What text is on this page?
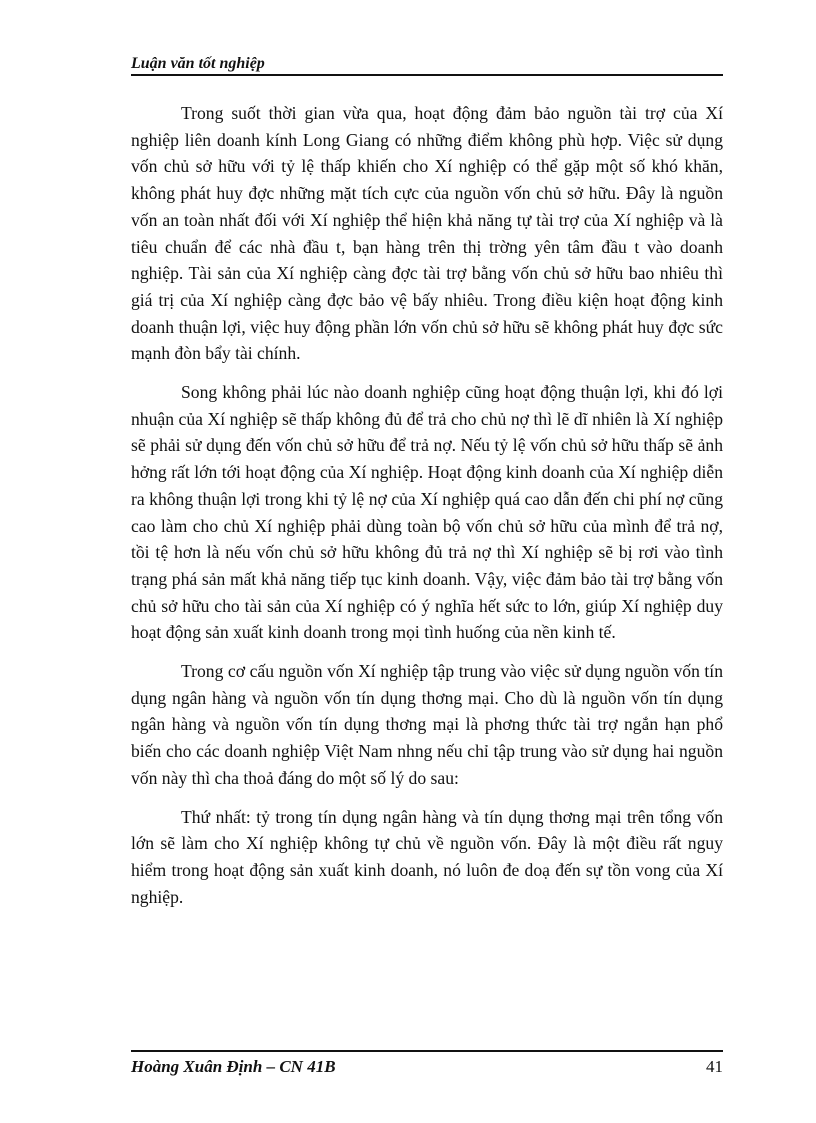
Luận văn tốt nghiệp

Trong suốt thời gian vừa qua, hoạt động đảm bảo nguồn tài trợ của Xí nghiệp liên doanh kính Long Giang có những điểm không phù hợp. Việc sử dụng vốn chủ sở hữu với tỷ lệ thấp khiến cho Xí nghiệp có thể gặp một số khó khăn, không phát huy đợc những mặt tích cực của nguồn vốn chủ sở hữu. Đây là nguồn vốn an toàn nhất đối với Xí nghiệp thể hiện khả năng tự tài trợ của Xí nghiệp và là tiêu chuẩn để các nhà đầu t, bạn hàng trên thị trờng yên tâm đầu t vào doanh nghiệp. Tài sản của Xí nghiệp càng đợc tài trợ bằng vốn chủ sở hữu bao nhiêu thì giá trị của Xí nghiệp càng đợc bảo vệ bấy nhiêu. Trong điều kiện hoạt động kinh doanh thuận lợi, việc huy động phần lớn vốn chủ sở hữu sẽ không phát huy đợc sức mạnh đòn bẩy tài chính.

Song không phải lúc nào doanh nghiệp cũng hoạt động thuận lợi, khi đó lợi nhuận của Xí nghiệp sẽ thấp không đủ để trả cho chủ nợ thì lẽ dĩ nhiên là Xí nghiệp sẽ phải sử dụng đến vốn chủ sở hữu để trả nợ. Nếu tỷ lệ vốn chủ sở hữu thấp sẽ ảnh hởng rất lớn tới hoạt động của Xí nghiệp. Hoạt động kinh doanh của Xí nghiệp diễn ra không thuận lợi trong khi tỷ lệ nợ của Xí nghiệp quá cao dẫn đến chi phí nợ cũng cao làm cho chủ Xí nghiệp phải dùng toàn bộ vốn chủ sở hữu của mình để trả nợ, tồi tệ hơn là nếu vốn chủ sở hữu không đủ trả nợ thì Xí nghiệp sẽ bị rơi vào tình trạng phá sản mất khả năng tiếp tục kinh doanh. Vậy, việc đảm bảo tài trợ bằng vốn chủ sở hữu cho tài sản của Xí nghiệp có ý nghĩa hết sức to lớn, giúp Xí nghiệp duy hoạt động sản xuất kinh doanh trong mọi tình huống của nền kinh tế.

Trong cơ cấu nguồn vốn Xí nghiệp tập trung vào việc sử dụng nguồn vốn tín dụng ngân hàng và nguồn vốn tín dụng thơng mại. Cho dù là nguồn vốn tín dụng ngân hàng và nguồn vốn tín dụng thơng mại là phơng thức tài trợ ngắn hạn phổ biến cho các doanh nghiệp Việt Nam nhng nếu chỉ tập trung vào sử dụng hai nguồn vốn này thì cha thoả đáng do một số lý do sau:

Thứ nhất: tỷ trong tín dụng ngân hàng và tín dụng thơng mại trên tổng vốn lớn sẽ làm cho Xí nghiệp không tự chủ về nguồn vốn. Đây là một điều rất nguy hiểm trong hoạt động sản xuất kinh doanh, nó luôn đe doạ đến sự tồn vong của Xí nghiệp.

Hoàng Xuân Định – CN 41B	41
